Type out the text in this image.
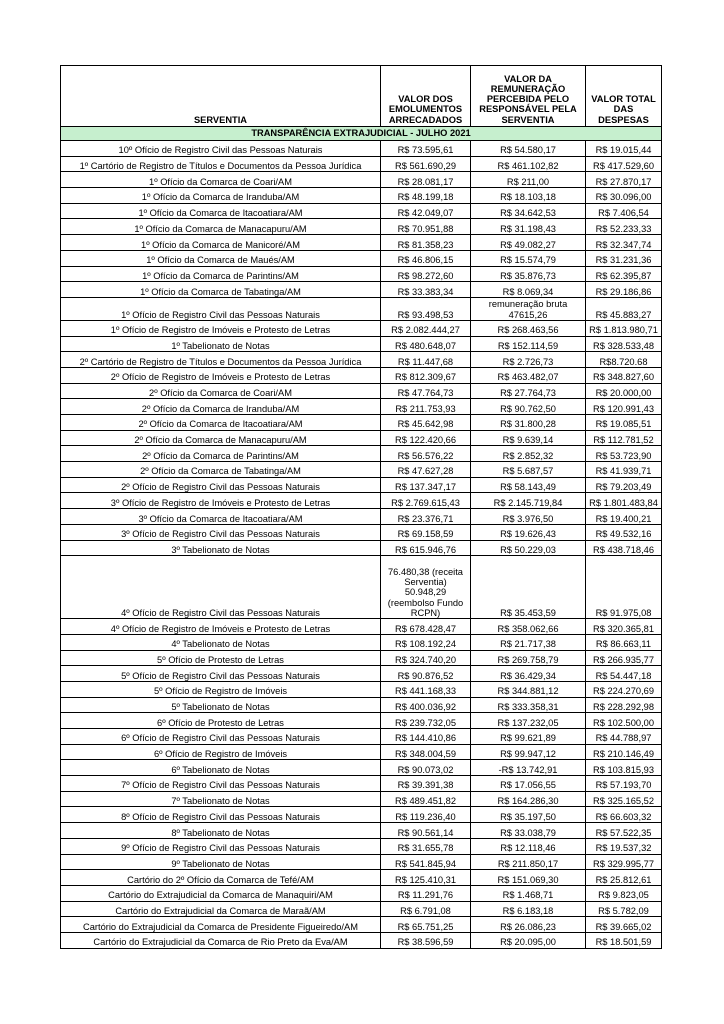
SERVENTIA	VALOR DOS EMOLUMENTOS ARRECADADOS	VALOR DA REMUNERAÇÃO PERCEBIDA PELO RESPONSÁVEL PELA SERVENTIA	VALOR TOTAL DAS DESPESAS
TRANSPARÊNCIA EXTRAJUDICIAL - JULHO 2021			
10º Ofício de Registro Civil das Pessoas Naturais	R$ 73.595,61	R$ 54.580,17	R$ 19.015,44
1º Cartório de Registro de Títulos e Documentos da Pessoa Jurídica	R$ 561.690,29	R$ 461.102,82	R$ 417.529,60
1º Ofício da Comarca de Coari/AM	R$ 28.081,17	R$ 211,00	R$ 27.870,17
1º Ofício da Comarca de Iranduba/AM	R$ 48.199,18	R$ 18.103,18	R$ 30.096,00
1º Ofício da Comarca de Itacoatiara/AM	R$ 42.049,07	R$ 34.642,53	R$ 7.406,54
1º Ofício da Comarca de Manacapuru/AM	R$ 70.951,88	R$ 31.198,43	R$ 52.233,33
1º Ofício da Comarca de Manicoré/AM	R$ 81.358,23	R$ 49.082,27	R$ 32.347,74
1º Ofício da Comarca de Maués/AM	R$ 46.806,15	R$ 15.574,79	R$ 31.231,36
1º Ofício da Comarca de Parintins/AM	R$ 98.272,60	R$ 35.876,73	R$ 62.395,87
1º Ofício da Comarca de Tabatinga/AM	R$ 33.383,34	R$ 8.069,34	R$ 29.186,86
1º Ofício de Registro Civil das Pessoas Naturais	R$ 93.498,53	remuneração bruta 47615,26	R$ 45.883,27
1º Ofício de Registro de Imóveis e Protesto de Letras	R$ 2.082.444,27	R$ 268.463,56	R$ 1.813.980,71
1º Tabelionato de Notas	R$ 480.648,07	R$ 152.114,59	R$ 328.533,48
2º Cartório de Registro de Títulos e Documentos da Pessoa Jurídica	R$ 11.447,68	R$ 2.726,73	R$8.720.68
2º Ofício de Registro de Imóveis e Protesto de Letras	R$ 812.309,67	R$ 463.482,07	R$ 348.827,60
2º Ofício da Comarca de Coari/AM	R$ 47.764,73	R$ 27.764,73	R$ 20.000,00
2º Ofício da Comarca de Iranduba/AM	R$ 211.753,93	R$ 90.762,50	R$ 120.991,43
2º Ofício da Comarca de Itacoatiara/AM	R$ 45.642,98	R$ 31.800,28	R$ 19.085,51
2º Ofício da Comarca de Manacapuru/AM	R$ 122.420,66	R$ 9.639,14	R$ 112.781,52
2º Ofício da Comarca de Parintins/AM	R$ 56.576,22	R$ 2.852,32	R$ 53.723,90
2º Ofício da Comarca de Tabatinga/AM	R$ 47.627,28	R$ 5.687,57	R$ 41.939,71
2º Ofício de Registro Civil das Pessoas Naturais	R$ 137.347,17	R$ 58.143,49	R$ 79.203,49
3º Ofício de Registro de Imóveis e Protesto de Letras	R$ 2.769.615,43	R$ 2.145.719,84	R$ 1.801.483,84
3º Ofício da Comarca de Itacoatiara/AM	R$ 23.376,71	R$ 3.976,50	R$ 19.400,21
3º Ofício de Registro Civil das Pessoas Naturais	R$ 69.158,59	R$ 19.626,43	R$ 49.532,16
3º Tabelionato de Notas	R$ 615.946,76	R$ 50.229,03	R$ 438.718,46
4º Ofício de Registro Civil das Pessoas Naturais	76.480,38 (receita Serventia) 50.948,29 (reembolso Fundo RCPN)	R$ 35.453,59	R$ 91.975,08
4º Ofício de Registro de Imóveis e Protesto de Letras	R$ 678.428,47	R$ 358.062,66	R$ 320.365,81
4º Tabelionato de Notas	R$ 108.192,24	R$ 21.717,38	R$ 86.663,11
5º Ofício de Protesto de Letras	R$ 324.740,20	R$ 269.758,79	R$ 266.935,77
5º Ofício de Registro Civil das Pessoas Naturais	R$ 90.876,52	R$ 36.429,34	R$ 54.447,18
5º Ofício de Registro de Imóveis	R$ 441.168,33	R$ 344.881,12	R$ 224.270,69
5º Tabelionato de Notas	R$ 400.036,92	R$ 333.358,31	R$ 228.292,98
6º Ofício de Protesto de Letras	R$ 239.732,05	R$ 137.232,05	R$ 102.500,00
6º Ofício de Registro Civil das Pessoas Naturais	R$ 144.410,86	R$ 99.621,89	R$ 44.788,97
6º Ofício de Registro de Imóveis	R$ 348.004,59	R$ 99.947,12	R$ 210.146,49
6º Tabelionato de Notas	R$ 90.073,02	-R$ 13.742,91	R$ 103.815,93
7º Ofício de Registro Civil das Pessoas Naturais	R$ 39.391,38	R$ 17.056,55	R$ 57.193,70
7º Tabelionato de Notas	R$ 489.451,82	R$ 164.286,30	R$ 325.165,52
8º Ofício de Registro Civil das Pessoas Naturais	R$ 119.236,40	R$ 35.197,50	R$ 66.603,32
8º Tabelionato de Notas	R$ 90.561,14	R$ 33.038,79	R$ 57.522,35
9º Ofício de Registro Civil das Pessoas Naturais	R$ 31.655,78	R$ 12.118,46	R$ 19.537,32
9º Tabelionato de Notas	R$ 541.845,94	R$ 211.850,17	R$ 329.995,77
Cartório do 2º Ofício da Comarca de Tefé/AM	R$ 125.410,31	R$ 151.069,30	R$ 25.812,61
Cartório do Extrajudicial da Comarca de Manaquiri/AM	R$ 11.291,76	R$ 1.468,71	R$ 9.823,05
Cartório do Extrajudicial da Comarca de Maraã/AM	R$ 6.791,08	R$ 6.183,18	R$ 5.782,09
Cartório do Extrajudicial da Comarca de Presidente Figueiredo/AM	R$ 65.751,25	R$ 26.086,23	R$ 39.665,02
Cartório do Extrajudicial da Comarca de Rio Preto da Eva/AM	R$ 38.596,59	R$ 20.095,00	R$ 18.501,59
